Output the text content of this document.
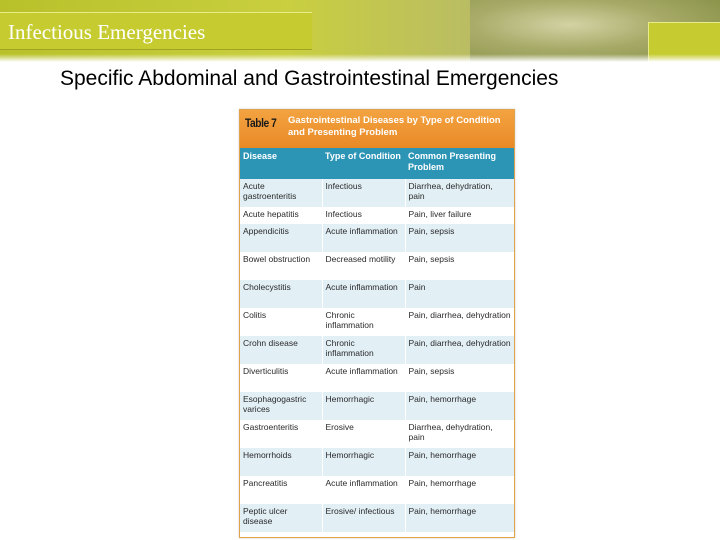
Infectious Emergencies
Specific Abdominal and Gastrointestinal Emergencies
Table 7 Gastrointestinal Diseases by Type of Condition and Presenting Problem
Disease	Type of Condition	Common Presenting Problem
Acute gastroenteritis	Infectious	Diarrhea, dehydration, pain
Acute hepatitis	Infectious	Pain, liver failure
Appendicitis	Acute inflammation	Pain, sepsis
Bowel obstruction	Decreased motility	Pain, sepsis
Cholecystitis	Acute inflammation	Pain
Colitis	Chronic inflammation	Pain, diarrhea, dehydration
Crohn disease	Chronic inflammation	Pain, diarrhea, dehydration
Diverticulitis	Acute inflammation	Pain, sepsis
Esophagogastric varices	Hemorrhagic	Pain, hemorrhage
Gastroenteritis	Erosive	Diarrhea, dehydration, pain
Hemorrhoids	Hemorrhagic	Pain, hemorrhage
Pancreatitis	Acute inflammation	Pain, hemorrhage
Peptic ulcer disease	Erosive/ infectious	Pain, hemorrhage
